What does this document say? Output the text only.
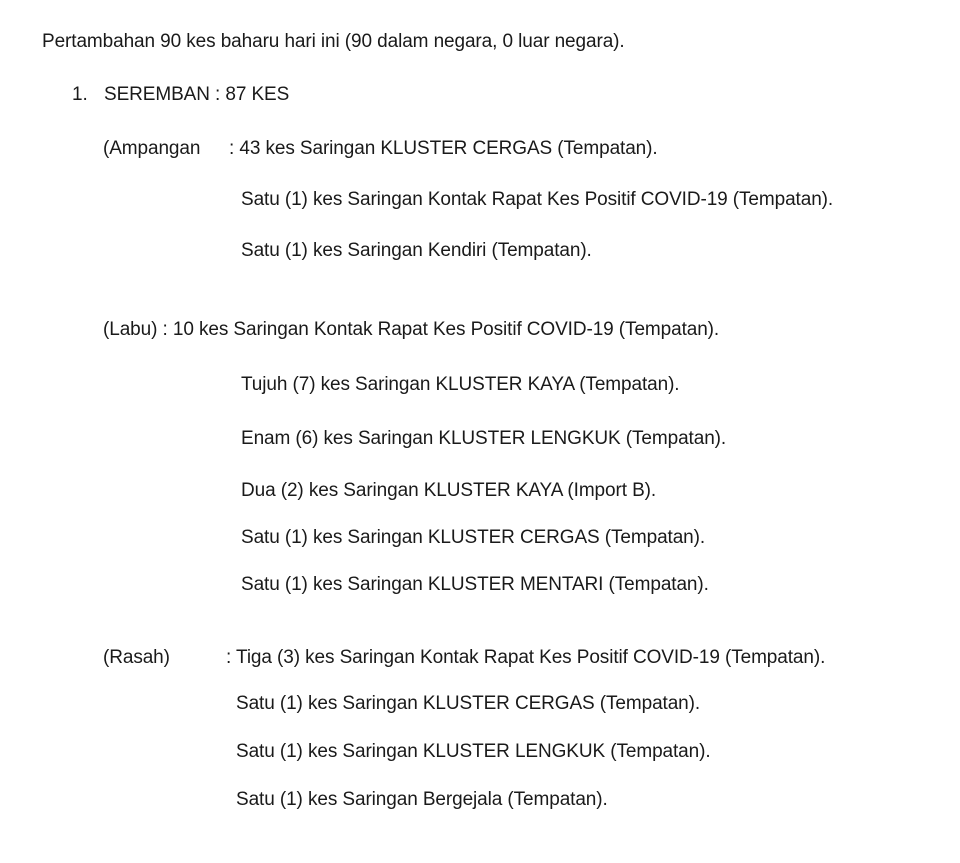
Pertambahan 90 kes baharu hari ini (90 dalam negara, 0 luar negara).
1. SEREMBAN : 87 KES
(Ampangan : 43 kes Saringan KLUSTER CERGAS (Tempatan).
Satu (1) kes Saringan Kontak Rapat Kes Positif COVID-19 (Tempatan).
Satu (1) kes Saringan Kendiri (Tempatan).
(Labu) : 10 kes Saringan Kontak Rapat Kes Positif COVID-19 (Tempatan).
Tujuh (7) kes Saringan KLUSTER KAYA (Tempatan).
Enam (6) kes Saringan KLUSTER LENGKUK (Tempatan).
Dua (2) kes Saringan KLUSTER KAYA (Import B).
Satu (1) kes Saringan KLUSTER CERGAS (Tempatan).
Satu (1) kes Saringan KLUSTER MENTARI (Tempatan).
(Rasah)	: Tiga (3) kes Saringan Kontak Rapat Kes Positif COVID-19 (Tempatan).
Satu (1) kes Saringan KLUSTER CERGAS (Tempatan).
Satu (1) kes Saringan KLUSTER LENGKUK (Tempatan).
Satu (1) kes Saringan Bergejala (Tempatan).
